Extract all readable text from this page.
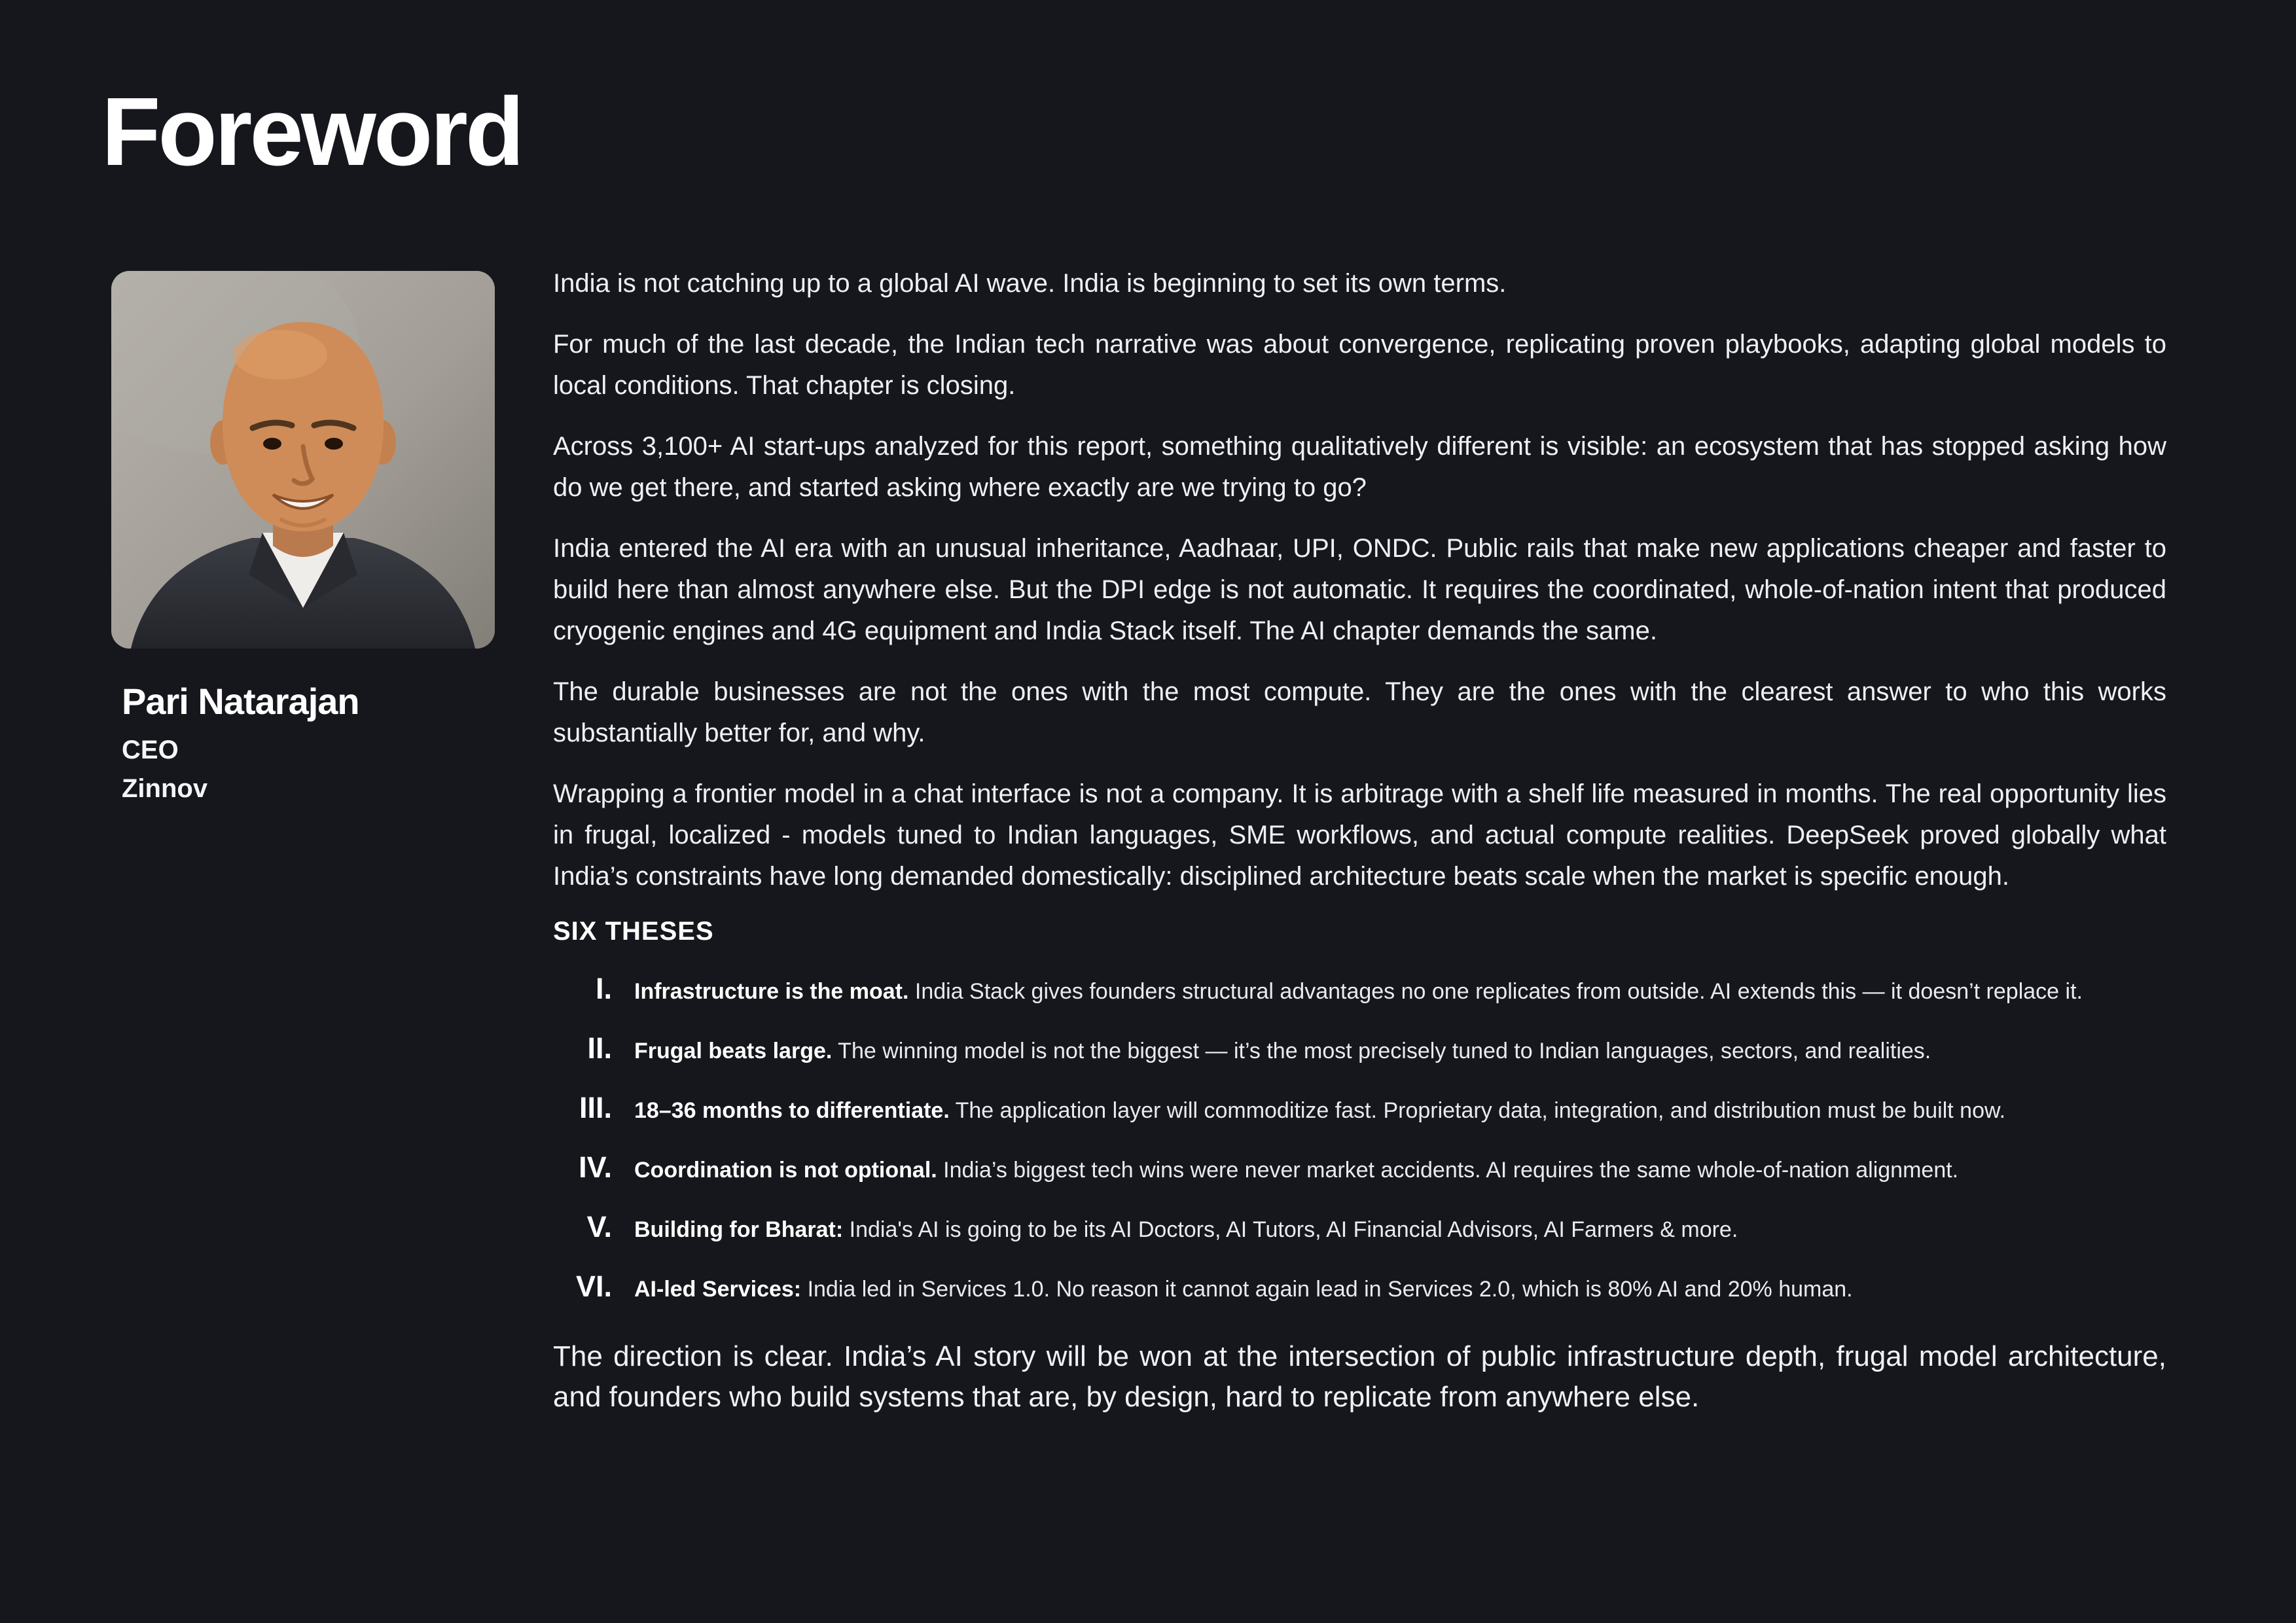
Foreword
Pari Natarajan
CEO
Zinnov

India is not catching up to a global AI wave. India is beginning to set its own terms.

For much of the last decade, the Indian tech narrative was about convergence, replicating proven playbooks, adapting global models to local conditions. That chapter is closing.

Across 3,100+ AI start-ups analyzed for this report, something qualitatively different is visible: an ecosystem that has stopped asking how do we get there, and started asking where exactly are we trying to go?

India entered the AI era with an unusual inheritance, Aadhaar, UPI, ONDC. Public rails that make new applications cheaper and faster to build here than almost anywhere else. But the DPI edge is not automatic. It requires the coordinated, whole-of-nation intent that produced cryogenic engines and 4G equipment and India Stack itself. The AI chapter demands the same.

The durable businesses are not the ones with the most compute. They are the ones with the clearest answer to who this works substantially better for, and why.

Wrapping a frontier model in a chat interface is not a company. It is arbitrage with a shelf life measured in months. The real opportunity lies in frugal, localized - models tuned to Indian languages, SME workflows, and actual compute realities. DeepSeek proved globally what India’s constraints have long demanded domestically: disciplined architecture beats scale when the market is specific enough.

SIX THESES
I. Infrastructure is the moat. India Stack gives founders structural advantages no one replicates from outside. AI extends this — it doesn’t replace it.
II. Frugal beats large. The winning model is not the biggest — it’s the most precisely tuned to Indian languages, sectors, and realities.
III. 18–36 months to differentiate. The application layer will commoditize fast. Proprietary data, integration, and distribution must be built now.
IV. Coordination is not optional. India’s biggest tech wins were never market accidents. AI requires the same whole-of-nation alignment.
V. Building for Bharat: India's AI is going to be its AI Doctors, AI Tutors, AI Financial Advisors, AI Farmers & more.
VI. AI-led Services: India led in Services 1.0. No reason it cannot again lead in Services 2.0, which is 80% AI and 20% human.

The direction is clear. India’s AI story will be won at the intersection of public infrastructure depth, frugal model architecture, and founders who build systems that are, by design, hard to replicate from anywhere else.
